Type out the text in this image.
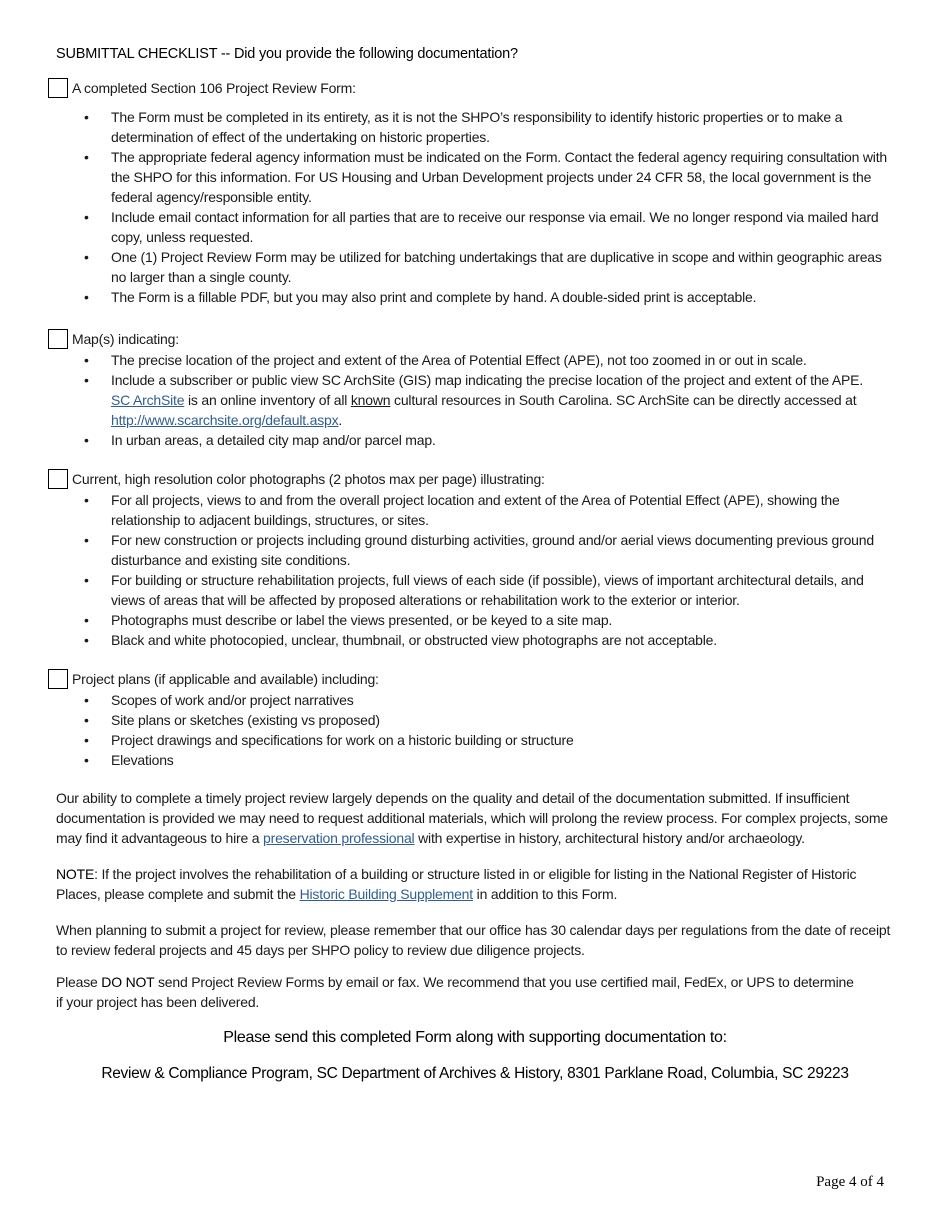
SUBMITTAL CHECKLIST -- Did you provide the following documentation?
A completed Section 106 Project Review Form:
• The Form must be completed in its entirety, as it is not the SHPO’s responsibility to identify historic properties or to make a determination of effect of the undertaking on historic properties.
• The appropriate federal agency information must be indicated on the Form. Contact the federal agency requiring consultation with the SHPO for this information. For US Housing and Urban Development projects under 24 CFR 58, the local government is the federal agency/responsible entity.
• Include email contact information for all parties that are to receive our response via email. We no longer respond via mailed hard copy, unless requested.
• One (1) Project Review Form may be utilized for batching undertakings that are duplicative in scope and within geographic areas no larger than a single county.
• The Form is a fillable PDF, but you may also print and complete by hand. A double-sided print is acceptable.
Map(s) indicating:
• The precise location of the project and extent of the Area of Potential Effect (APE), not too zoomed in or out in scale.
• Include a subscriber or public view SC ArchSite (GIS) map indicating the precise location of the project and extent of the APE.
SC ArchSite is an online inventory of all known cultural resources in South Carolina. SC ArchSite can be directly accessed at
http://www.scarchsite.org/default.aspx.
• In urban areas, a detailed city map and/or parcel map.
Current, high resolution color photographs (2 photos max per page) illustrating:
• For all projects, views to and from the overall project location and extent of the Area of Potential Effect (APE), showing the relationship to adjacent buildings, structures, or sites.
• For new construction or projects including ground disturbing activities, ground and/or aerial views documenting previous ground disturbance and existing site conditions.
• For building or structure rehabilitation projects, full views of each side (if possible), views of important architectural details, and views of areas that will be affected by proposed alterations or rehabilitation work to the exterior or interior.
• Photographs must describe or label the views presented, or be keyed to a site map.
• Black and white photocopied, unclear, thumbnail, or obstructed view photographs are not acceptable.
Project plans (if applicable and available) including:
• Scopes of work and/or project narratives
• Site plans or sketches (existing vs proposed)
• Project drawings and specifications for work on a historic building or structure
• Elevations
Our ability to complete a timely project review largely depends on the quality and detail of the documentation submitted. If insufficient documentation is provided we may need to request additional materials, which will prolong the review process. For complex projects, some may find it advantageous to hire a preservation professional with expertise in history, architectural history and/or archaeology.
NOTE: If the project involves the rehabilitation of a building or structure listed in or eligible for listing in the National Register of Historic Places, please complete and submit the Historic Building Supplement in addition to this Form.
When planning to submit a project for review, please remember that our office has 30 calendar days per regulations from the date of receipt to review federal projects and 45 days per SHPO policy to review due diligence projects.
Please DO NOT send Project Review Forms by email or fax. We recommend that you use certified mail, FedEx, or UPS to determine if your project has been delivered.
Please send this completed Form along with supporting documentation to:
Review & Compliance Program, SC Department of Archives & History, 8301 Parklane Road, Columbia, SC 29223
Page 4 of 4
